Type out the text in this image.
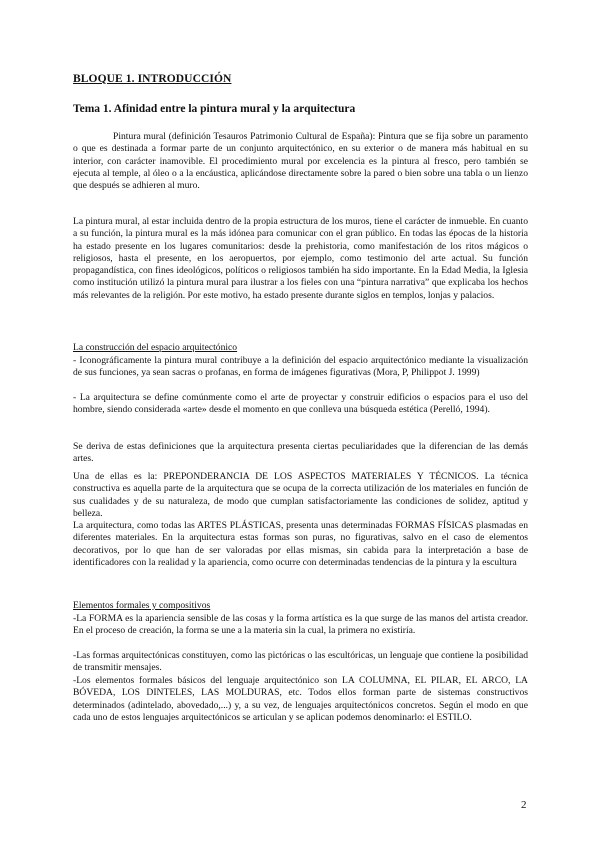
BLOQUE 1. INTRODUCCIÓN
Tema 1. Afinidad entre la pintura mural y la arquitectura

Pintura mural (definición Tesauros Patrimonio Cultural de España): Pintura que se fija sobre un paramento o que es destinada a formar parte de un conjunto arquitectónico, en su exterior o de manera más habitual en su interior, con carácter inamovible. El procedimiento mural por excelencia es la pintura al fresco, pero también se ejecuta al temple, al óleo o a la encáustica, aplicándose directamente sobre la pared o bien sobre una tabla o un lienzo que después se adhieren al muro.

La pintura mural, al estar incluida dentro de la propia estructura de los muros, tiene el carácter de inmueble. En cuanto a su función, la pintura mural es la más idónea para comunicar con el gran público. En todas las épocas de la historia ha estado presente en los lugares comunitarios: desde la prehistoria, como manifestación de los ritos mágicos o religiosos, hasta el presente, en los aeropuertos, por ejemplo, como testimonio del arte actual. Su función propagandística, con fines ideológicos, políticos o religiosos también ha sido importante. En la Edad Media, la Iglesia como institución utilizó la pintura mural para ilustrar a los fieles con una “pintura narrativa” que explicaba los hechos más relevantes de la religión. Por este motivo, ha estado presente durante siglos en templos, lonjas y palacios.

La construcción del espacio arquitectónico

- Iconográficamente la pintura mural contribuye a la definición del espacio arquitectónico mediante la visualización de sus funciones, ya sean sacras o profanas, en forma de imágenes figurativas (Mora, P, Philippot J. 1999)

- La arquitectura se define comúnmente como el arte de proyectar y construir edificios o espacios para el uso del hombre, siendo considerada «arte» desde el momento en que conlleva una búsqueda estética (Perelló, 1994).

Se deriva de estas definiciones que la arquitectura presenta ciertas peculiaridades que la diferencian de las demás artes.

Una de ellas es la: PREPONDERANCIA DE LOS ASPECTOS MATERIALES Y TÉCNICOS. La técnica constructiva es aquella parte de la arquitectura que se ocupa de la correcta utilización de los materiales en función de sus cualidades y de su naturaleza, de modo que cumplan satisfactoriamente las condiciones de solidez, aptitud y belleza.

La arquitectura, como todas las ARTES PLÁSTICAS, presenta unas determinadas FORMAS FÍSICAS plasmadas en diferentes materiales. En la arquitectura estas formas son puras, no figurativas, salvo en el caso de elementos decorativos, por lo que han de ser valoradas por ellas mismas, sin cabida para la interpretación a base de identificadores con la realidad y la apariencia, como ocurre con determinadas tendencias de la pintura y la escultura

Elementos formales y compositivos

-La FORMA es la apariencia sensible de las cosas y la forma artística es la que surge de las manos del artista creador. En el proceso de creación, la forma se une a la materia sin la cual, la primera no existiría.

-Las formas arquitectónicas constituyen, como las pictóricas o las escultóricas, un lenguaje que contiene la posibilidad de transmitir mensajes.

-Los elementos formales básicos del lenguaje arquitectónico son LA COLUMNA, EL PILAR, EL ARCO, LA BÓVEDA, LOS DINTELES, LAS MOLDURAS, etc. Todos ellos forman parte de sistemas constructivos determinados (adintelado, abovedado,...) y, a su vez, de lenguajes arquitectónicos concretos. Según el modo en que cada uno de estos lenguajes arquitectónicos se articulan y se aplican podemos denominarlo: el ESTILO.

2
